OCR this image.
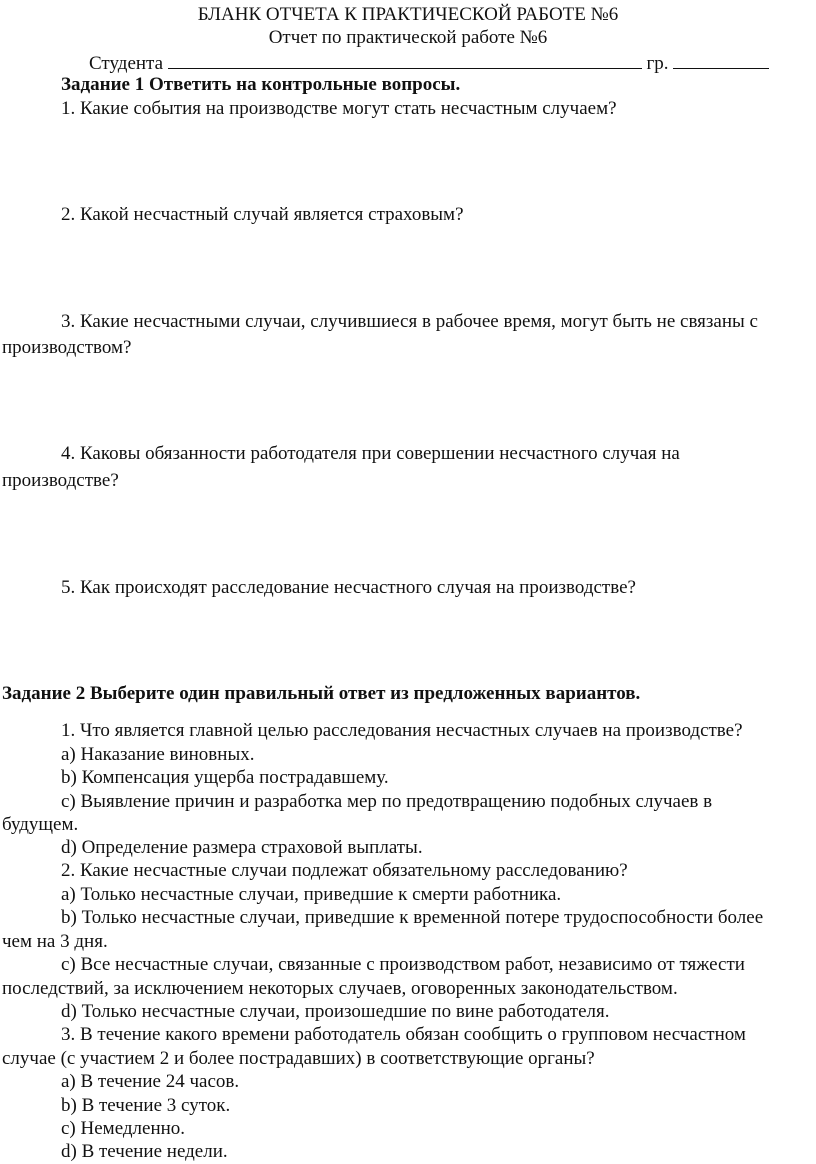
БЛАНК ОТЧЕТА К ПРАКТИЧЕСКОЙ РАБОТЕ №6
Отчет по практической работе №6
Студента	гр.
Задание 1 Ответить на контрольные вопросы.
1. Какие события на производстве могут стать несчастным случаем?
2. Какой несчастный случай является страховым?
3. Какие несчастными случаи, случившиеся в рабочее время, могут быть не связаны с
производством?
4. Каковы обязанности работодателя при совершении несчастного случая на
производстве?
5. Как происходят расследование несчастного случая на производстве?
Задание 2 Выберите один правильный ответ из предложенных вариантов.
1. Что является главной целью расследования несчастных случаев на производстве?
a) Наказание виновных.
b) Компенсация ущерба пострадавшему.
c) Выявление причин и разработка мер по предотвращению подобных случаев в
будущем.
d) Определение размера страховой выплаты.
2. Какие несчастные случаи подлежат обязательному расследованию?
a) Только несчастные случаи, приведшие к смерти работника.
b) Только несчастные случаи, приведшие к временной потере трудоспособности более
чем на 3 дня.
c) Все несчастные случаи, связанные с производством работ, независимо от тяжести
последствий, за исключением некоторых случаев, оговоренных законодательством.
d) Только несчастные случаи, произошедшие по вине работодателя.
3. В течение какого времени работодатель обязан сообщить о групповом несчастном
случае (с участием 2 и более пострадавших) в соответствующие органы?
a) В течение 24 часов.
b) В течение 3 суток.
c) Немедленно.
d) В течение недели.
